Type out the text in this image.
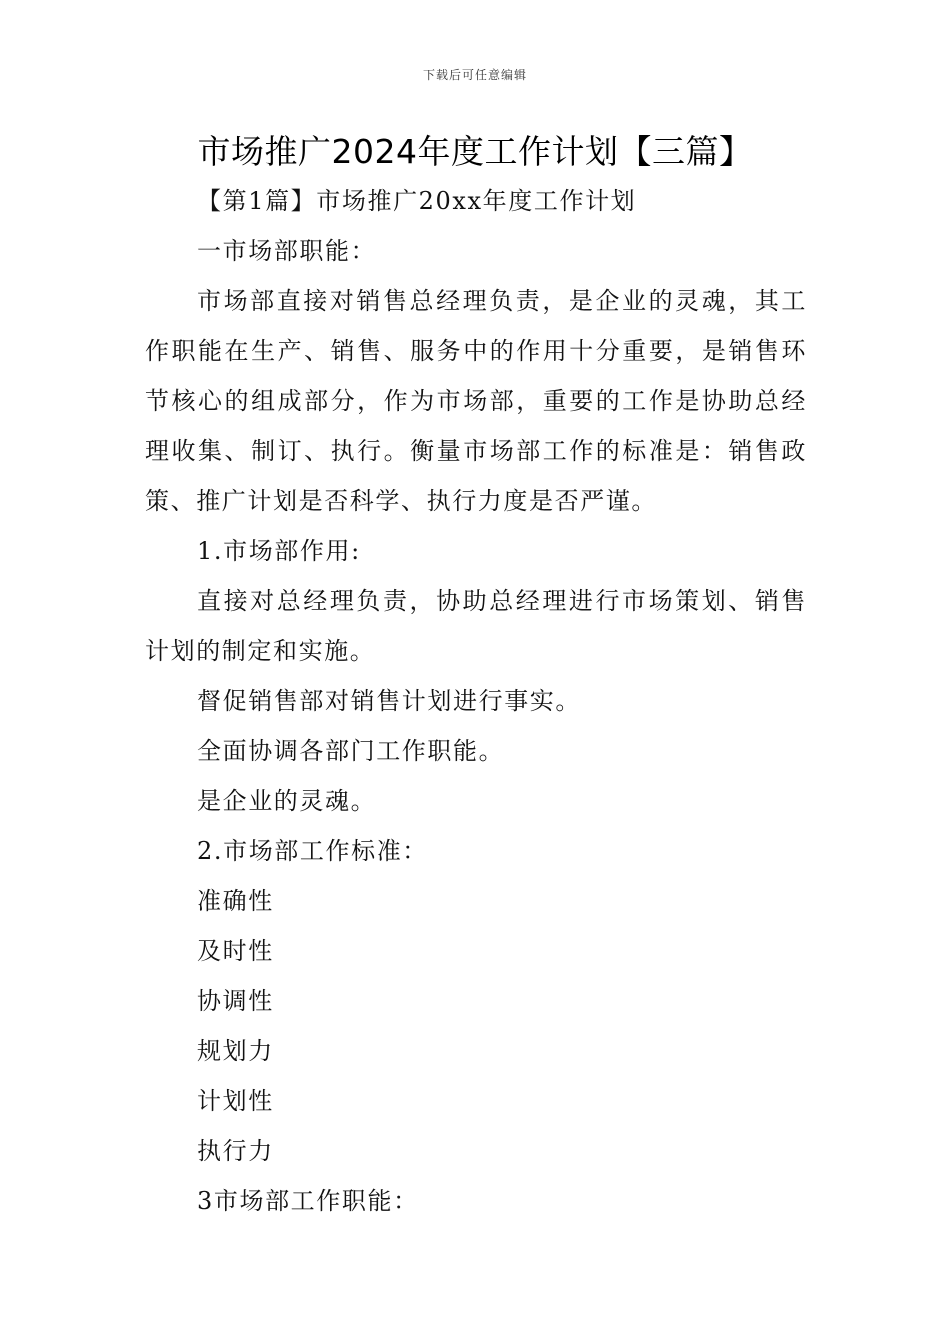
下载后可任意编辑
市场推广2024年度工作计划【三篇】

【第1篇】市场推广20xx年度工作计划

一市场部职能：

市场部直接对销售总经理负责，是企业的灵魂，其工作职能在生产、销售、服务中的作用十分重要，是销售环节核心的组成部分，作为市场部，重要的工作是协助总经理收集、制订、执行。衡量市场部工作的标准是：销售政策、推广计划是否科学、执行力度是否严谨。

1.市场部作用:

直接对总经理负责，协助总经理进行市场策划、销售计划的制定和实施。

督促销售部对销售计划进行事实。

全面协调各部门工作职能。

是企业的灵魂。

2.市场部工作标准：

准确性

及时性

协调性

规划力

计划性

执行力

3市场部工作职能：
